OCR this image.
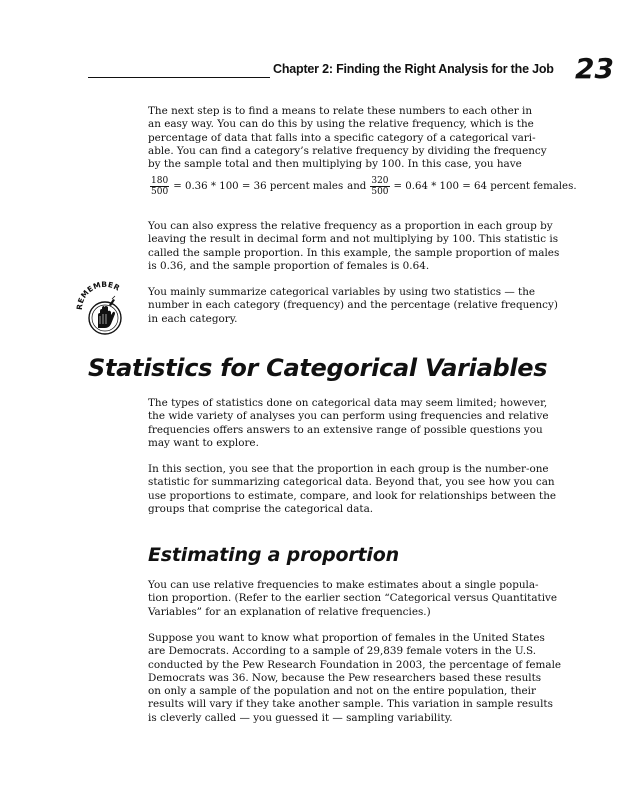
Chapter 2: Finding the Right Analysis for the Job 23

The next step is to find a means to relate these numbers to each other in
an easy way. You can do this by using the relative frequency, which is the
percentage of data that falls into a specific category of a categorical vari-
able. You can find a category’s relative frequency by dividing the frequency
by the sample total and then multiplying by 100. In this case, you have

$\frac{180}{500} = 0.36 * 100 = 36$ percent males and $\frac{320}{500} = 0.64 * 100 = 64$ percent females.

You can also express the relative frequency as a proportion in each group by
leaving the result in decimal form and not multiplying by 100. This statistic is
called the sample proportion. In this example, the sample proportion of males
is 0.36, and the sample proportion of females is 0.64.

REMEMBER	You mainly summarize categorical variables by using two statistics — the
number in each category (frequency) and the percentage (relative frequency)
in each category.

Statistics for Categorical Variables

The types of statistics done on categorical data may seem limited; however,
the wide variety of analyses you can perform using frequencies and relative
frequencies offers answers to an extensive range of possible questions you
may want to explore.

In this section, you see that the proportion in each group is the number-one
statistic for summarizing categorical data. Beyond that, you see how you can
use proportions to estimate, compare, and look for relationships between the
groups that comprise the categorical data.

Estimating a proportion

You can use relative frequencies to make estimates about a single popula-
tion proportion. (Refer to the earlier section “Categorical versus Quantitative
Variables” for an explanation of relative frequencies.)

Suppose you want to know what proportion of females in the United States
are Democrats. According to a sample of 29,839 female voters in the U.S.
conducted by the Pew Research Foundation in 2003, the percentage of female
Democrats was 36. Now, because the Pew researchers based these results
on only a sample of the population and not on the entire population, their
results will vary if they take another sample. This variation in sample results
is cleverly called — you guessed it — sampling variability.
